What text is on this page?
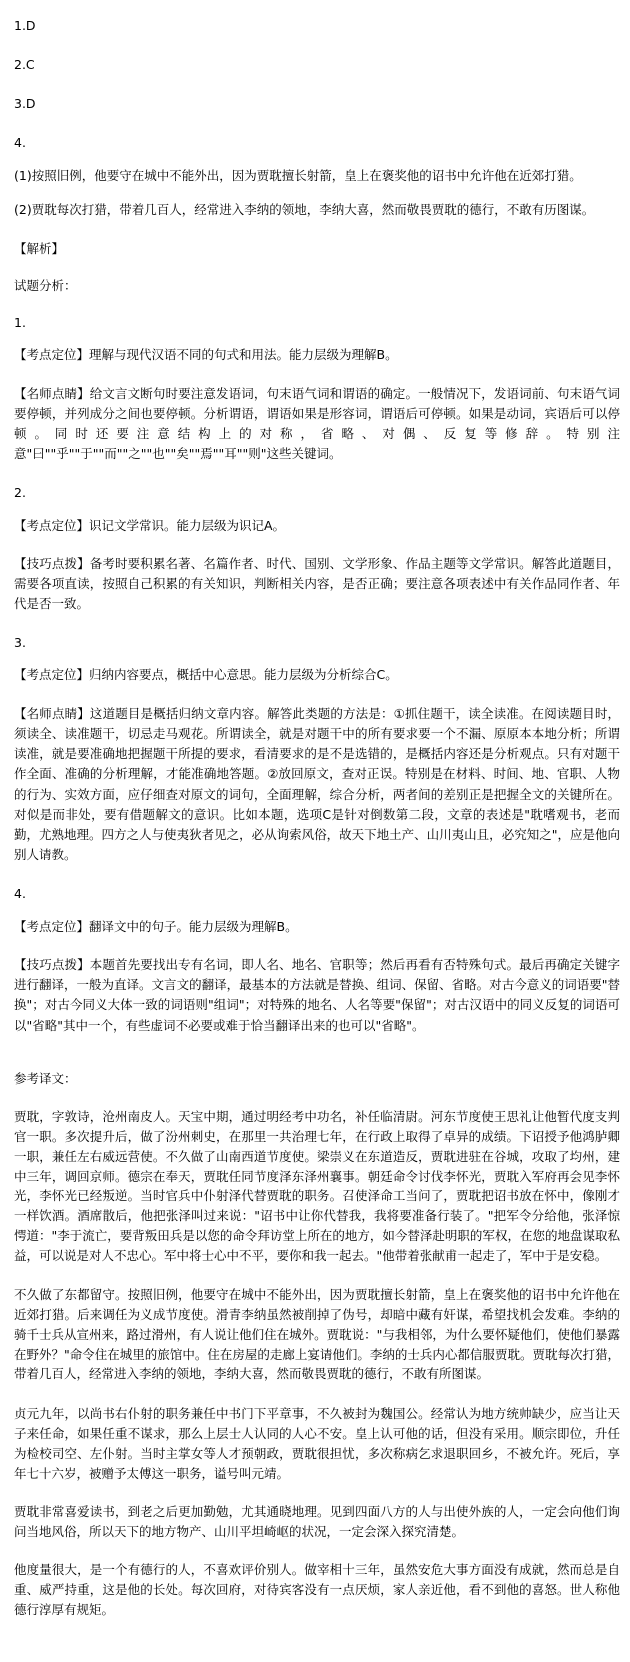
1.D
2.C
3.D
4.
(1)按照旧例，他要守在城中不能外出，因为贾耽擅长射箭，皇上在褒奖他的诏书中允许他在近郊打猎。
(2)贾耽每次打猎，带着几百人，经常进入李纳的领地，李纳大喜，然而敬畏贾耽的德行，不敢有历图谋。
【解析】
试题分析：
1.
【考点定位】理解与现代汉语不同的句式和用法。能力层级为理解B。
【名师点睛】给文言文断句时要注意发语词，句末语气词和谓语的确定。一般情况下，发语词前、句末语气词要停顿，并列成分之间也要停顿。分析谓语，谓语如果是形容词，谓语后可停顿。如果是动词，宾语后可以停顿。同时还要注意结构上的对称，省略、对偶、反复等修辞。特别注意"曰""乎""于""而""之""也""矣""焉""耳""则"这些关键词。
2.
【考点定位】识记文学常识。能力层级为识记A。
【技巧点拨】备考时要积累名著、名篇作者、时代、国别、文学形象、作品主题等文学常识。解答此道题目，需要各项直读，按照自己积累的有关知识，判断相关内容，是否正确；要注意各项表述中有关作品同作者、年代是否一致。
3.
【考点定位】归纳内容要点，概括中心意思。能力层级为分析综合C。
【名师点睛】这道题目是概括归纳文章内容。解答此类题的方法是：①抓住题干，读全读准。在阅读题目时，须读全、读准题干，切忌走马观花。所谓读全，就是对题干中的所有要求要一个不漏、原原本本地分析；所谓读准，就是要准确地把握题干所提的要求，看清要求的是不是选错的，是概括内容还是分析观点。只有对题干作全面、准确的分析理解，才能准确地答题。②放回原文，查对正误。特别是在材料、时间、地、官职、人物的行为、实效方面，应仔细查对原文的词句，全面理解，综合分析，两者间的差别正是把握全文的关键所在。对似是而非处，要有借题解文的意识。比如本题，选项C是针对倒数第二段，文章的表述是"耽嗜观书，老而勤，尤熟地理。四方之人与使夷狄者见之，必从询索风俗，故天下地土产、山川夷山且，必究知之"，应是他向别人请教。
4.
【考点定位】翻译文中的句子。能力层级为理解B。
【技巧点拨】本题首先要找出专有名词，即人名、地名、官职等；然后再看有否特殊句式。最后再确定关键字进行翻译，一般为直译。文言文的翻译，最基本的方法就是替换、组词、保留、省略。对古今意义的词语要"替换"；对古今同义大体一致的词语则"组词"；对特殊的地名、人名等要"保留"；对古汉语中的同义反复的词语可以"省略"其中一个，有些虚词不必要或难于恰当翻译出来的也可以"省略"。
参考译文：
贾耽，字敦诗，沧州南皮人。天宝中期，通过明经考中功名，补任临清尉。河东节度使王思礼让他暂代度支判官一职。多次提升后，做了汾州刺史，在那里一共治理七年，在行政上取得了卓异的成绩。下诏授予他鸿胪卿一职，兼任左右威远营使。不久做了山南西道节度使。梁崇义在东道造反，贾耽进驻在谷城，攻取了均州，建中三年，调回京师。德宗在奉天，贾耽任同节度泽东泽州襄事。朝廷命令讨伐李怀光，贾耽入军府再会见李怀光，李怀光已经叛逆。当时官兵中仆射泽代替贾耽的职务。召使泽命工当问了，贾耽把诏书放在怀中，像刚才一样饮酒。酒席散后，他把张泽叫过来说："诏书中让你代替我，我将要准备行装了。"把军令分给他，张泽惊愕道："李于流亡，要背叛田兵是以您的命令拜访堂上所在的地方，如今替泽赴明职的军权，在您的地盘谋取私益，可以说是对人不忠心。军中将士心中不平，要你和我一起去。"他带着张献甫一起走了，军中于是安稳。
不久做了东都留守。按照旧例，他要守在城中不能外出，因为贾耽擅长射箭，皇上在褒奖他的诏书中允许他在近郊打猎。后来调任为义成节度使。滑青李纳虽然被削掉了伪号，却暗中藏有奸谋，希望找机会发难。李纳的骑千士兵从宣州来，路过滑州，有人说让他们住在城外。贾耽说："与我相邻，为什么要怀疑他们，使他们暴露在野外？"命令住在城里的旅馆中。住在房屋的走廊上宴请他们。李纳的士兵内心都信服贾耽。贾耽每次打猎，带着几百人，经常进入李纳的领地，李纳大喜，然而敬畏贾耽的德行，不敢有所图谋。
贞元九年，以尚书右仆射的职务兼任中书门下平章事，不久被封为魏国公。经常认为地方统帅缺少，应当让天子来任命，如果任重不谋求，那么上层士人认同的人心不安。皇上认可他的话，但没有采用。顺宗即位，升任为检校司空、左仆射。当时主掌女等人才预朝政，贾耽很担忧，多次称病乞求退职回乡，不被允许。死后，享年七十六岁，被赠予太傅这一职务，谥号叫元靖。
贾耽非常喜爱读书，到老之后更加勤勉，尤其通晓地理。见到四面八方的人与出使外族的人，一定会向他们询问当地风俗，所以天下的地方物产、山川平坦崎岖的状况，一定会深入探究清楚。
他度量很大，是一个有德行的人，不喜欢评价别人。做宰相十三年，虽然安危大事方面没有成就，然而总是自重、威严持重，这是他的长处。每次回府，对待宾客没有一点厌烦，家人亲近他，看不到他的喜怒。世人称他德行淳厚有规矩。
